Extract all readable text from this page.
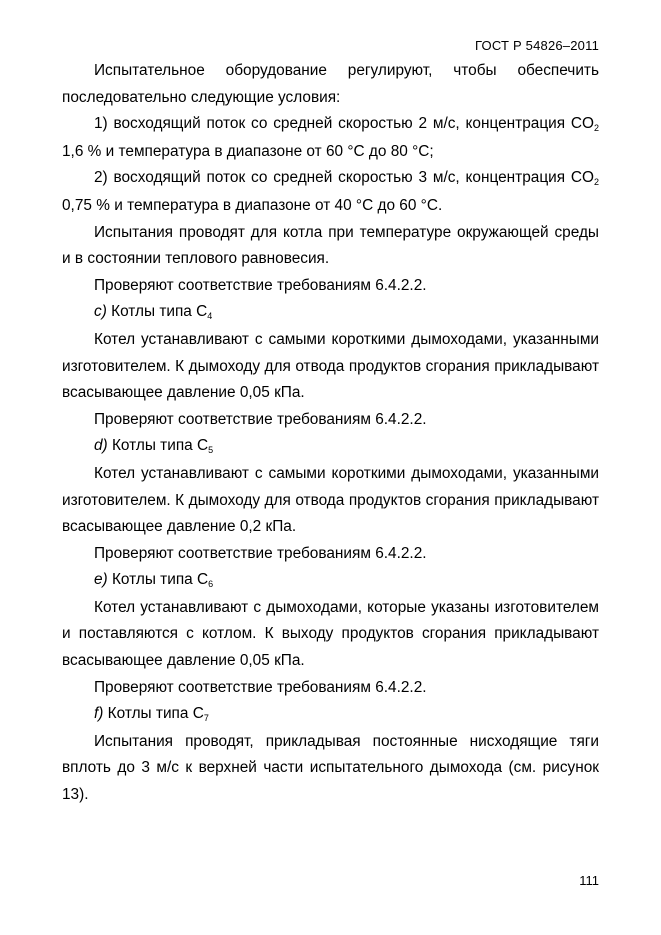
ГОСТ Р 54826–2011

Испытательное оборудование регулируют, чтобы обеспечить последовательно следующие условия:

1) восходящий поток со средней скоростью 2 м/с, концентрация CO2 1,6 % и температура в диапазоне от 60 °С до 80 °С;

2) восходящий поток со средней скоростью 3 м/с, концентрация CO2 0,75 % и температура в диапазоне от 40 °С до 60 °С.

Испытания проводят для котла при температуре окружающей среды и в состоянии теплового равновесия.

Проверяют соответствие требованиям 6.4.2.2.

c) Котлы типа C4

Котел устанавливают с самыми короткими дымоходами, указанными изготовителем. К дымоходу для отвода продуктов сгорания прикладывают всасывающее давление 0,05 кПа.

Проверяют соответствие требованиям 6.4.2.2.

d) Котлы типа C5

Котел устанавливают с самыми короткими дымоходами, указанными изготовителем. К дымоходу для отвода продуктов сгорания прикладывают всасывающее давление 0,2 кПа.

Проверяют соответствие требованиям 6.4.2.2.

e) Котлы типа C6

Котел устанавливают с дымоходами, которые указаны изготовителем и поставляются с котлом. К выходу продуктов сгорания прикладывают всасывающее давление 0,05 кПа.

Проверяют соответствие требованиям 6.4.2.2.

f) Котлы типа C7

Испытания проводят, прикладывая постоянные нисходящие тяги вплоть до 3 м/с к верхней части испытательного дымохода (см. рисунок 13).

111
